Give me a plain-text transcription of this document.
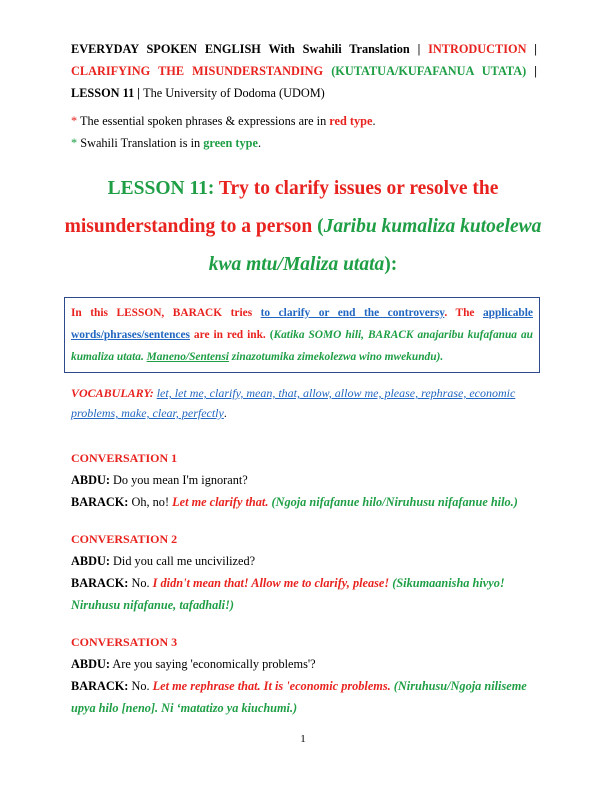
EVERYDAY SPOKEN ENGLISH With Swahili Translation | INTRODUCTION | CLARIFYING THE MISUNDERSTANDING (KUTATUA/KUFAFANUA UTATA) | LESSON 11 | The University of Dodoma (UDOM)
* The essential spoken phrases & expressions are in red type.
* Swahili Translation is in green type.
LESSON 11: Try to clarify issues or resolve the misunderstanding to a person (Jaribu kumaliza kutoelewa kwa mtu/Maliza utata):
In this LESSON, BARACK tries to clarify or end the controversy. The applicable words/phrases/sentences are in red ink. (Katika SOMO hili, BARACK anajaribu kufafanua au kumaliza utata. Maneno/Sentensi zinazotumika zimekolezwa wino mwekundu).
VOCABULARY: let, let me, clarify, mean, that, allow, allow me, please, rephrase, economic problems, make, clear, perfectly.
CONVERSATION 1
ABDU: Do you mean I'm ignorant?
BARACK: Oh, no! Let me clarify that. (Ngoja nifafanue hilo/Niruhusu nifafanue hilo.)
CONVERSATION 2
ABDU: Did you call me uncivilized?
BARACK: No. I didn't mean that! Allow me to clarify, please! (Sikumaanisha hivyo! Niruhusu nifafanue, tafadhali!)
CONVERSATION 3
ABDU: Are you saying 'economically problems'?
BARACK: No. Let me rephrase that. It is 'economic problems. (Niruhusu/Ngoja niliseme upya hilo [neno]. Ni ‘matatizo ya kiuchumi.)
1
